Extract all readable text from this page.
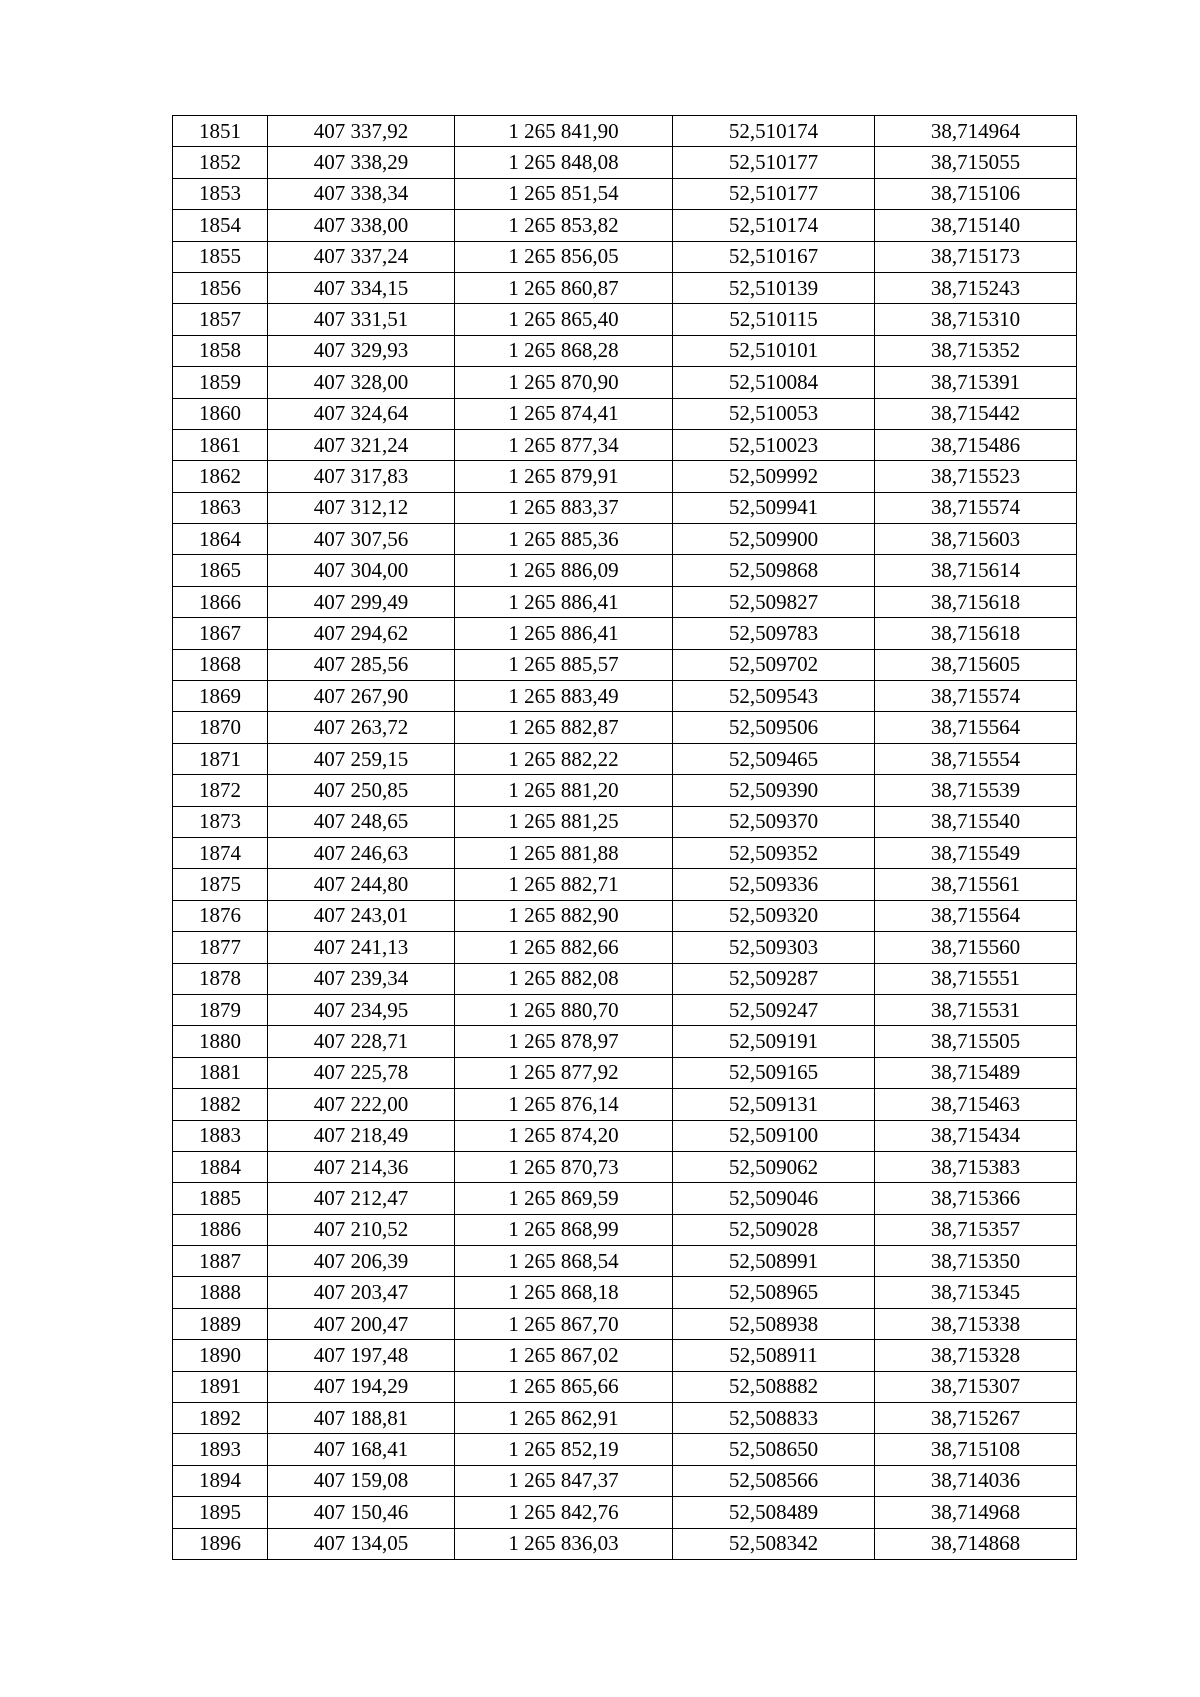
1851	407 337,92	1 265 841,90	52,510174	38,714964
1852	407 338,29	1 265 848,08	52,510177	38,715055
1853	407 338,34	1 265 851,54	52,510177	38,715106
1854	407 338,00	1 265 853,82	52,510174	38,715140
1855	407 337,24	1 265 856,05	52,510167	38,715173
1856	407 334,15	1 265 860,87	52,510139	38,715243
1857	407 331,51	1 265 865,40	52,510115	38,715310
1858	407 329,93	1 265 868,28	52,510101	38,715352
1859	407 328,00	1 265 870,90	52,510084	38,715391
1860	407 324,64	1 265 874,41	52,510053	38,715442
1861	407 321,24	1 265 877,34	52,510023	38,715486
1862	407 317,83	1 265 879,91	52,509992	38,715523
1863	407 312,12	1 265 883,37	52,509941	38,715574
1864	407 307,56	1 265 885,36	52,509900	38,715603
1865	407 304,00	1 265 886,09	52,509868	38,715614
1866	407 299,49	1 265 886,41	52,509827	38,715618
1867	407 294,62	1 265 886,41	52,509783	38,715618
1868	407 285,56	1 265 885,57	52,509702	38,715605
1869	407 267,90	1 265 883,49	52,509543	38,715574
1870	407 263,72	1 265 882,87	52,509506	38,715564
1871	407 259,15	1 265 882,22	52,509465	38,715554
1872	407 250,85	1 265 881,20	52,509390	38,715539
1873	407 248,65	1 265 881,25	52,509370	38,715540
1874	407 246,63	1 265 881,88	52,509352	38,715549
1875	407 244,80	1 265 882,71	52,509336	38,715561
1876	407 243,01	1 265 882,90	52,509320	38,715564
1877	407 241,13	1 265 882,66	52,509303	38,715560
1878	407 239,34	1 265 882,08	52,509287	38,715551
1879	407 234,95	1 265 880,70	52,509247	38,715531
1880	407 228,71	1 265 878,97	52,509191	38,715505
1881	407 225,78	1 265 877,92	52,509165	38,715489
1882	407 222,00	1 265 876,14	52,509131	38,715463
1883	407 218,49	1 265 874,20	52,509100	38,715434
1884	407 214,36	1 265 870,73	52,509062	38,715383
1885	407 212,47	1 265 869,59	52,509046	38,715366
1886	407 210,52	1 265 868,99	52,509028	38,715357
1887	407 206,39	1 265 868,54	52,508991	38,715350
1888	407 203,47	1 265 868,18	52,508965	38,715345
1889	407 200,47	1 265 867,70	52,508938	38,715338
1890	407 197,48	1 265 867,02	52,508911	38,715328
1891	407 194,29	1 265 865,66	52,508882	38,715307
1892	407 188,81	1 265 862,91	52,508833	38,715267
1893	407 168,41	1 265 852,19	52,508650	38,715108
1894	407 159,08	1 265 847,37	52,508566	38,714036
1895	407 150,46	1 265 842,76	52,508489	38,714968
1896	407 134,05	1 265 836,03	52,508342	38,714868
